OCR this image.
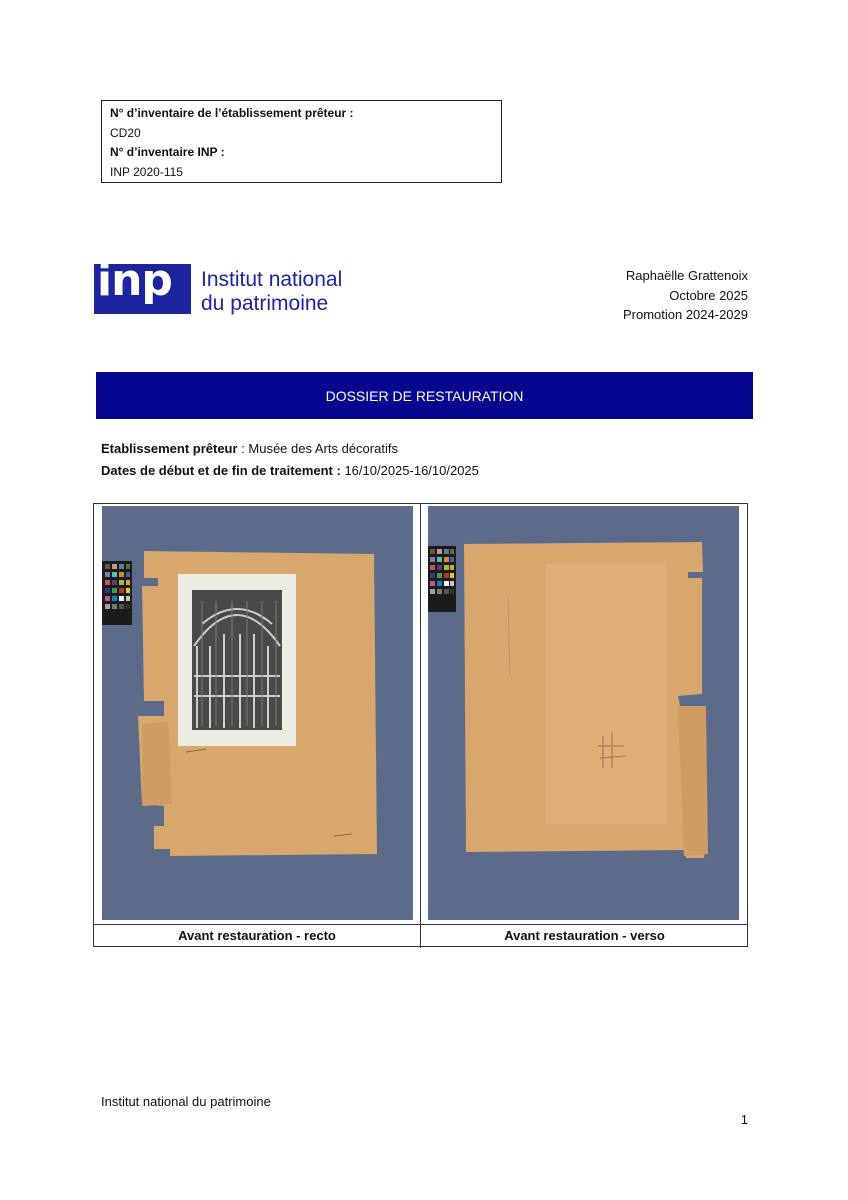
N° d’inventaire de l’établissement prêteur :
CD20
N° d’inventaire INP :
INP 2020-115
inp Institut national
du patrimoine
Raphaëlle Grattenoix
Octobre 2025
Promotion 2024-2029
DOSSIER DE RESTAURATION
Etablissement prêteur : Musée des Arts décoratifs
Dates de début et de fin de traitement : 16/10/2025-16/10/2025
Avant restauration - recto	Avant restauration - verso
Institut national du patrimoine
1
